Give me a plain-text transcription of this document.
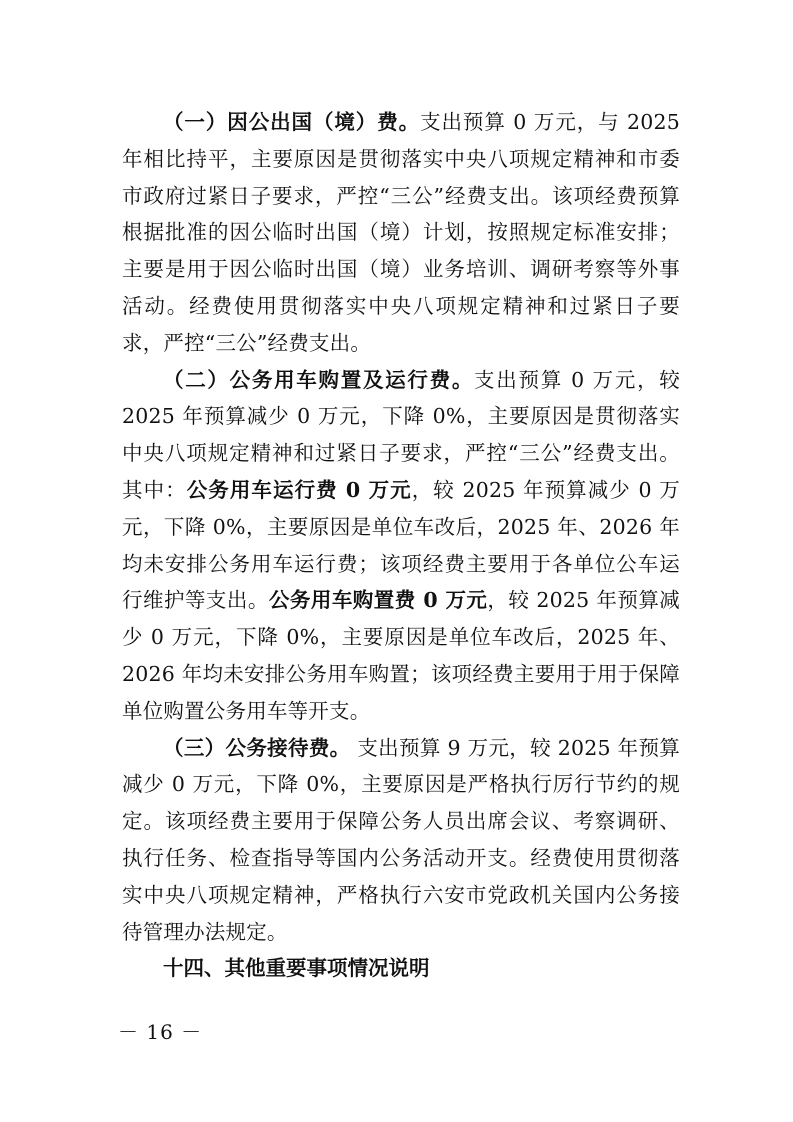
（一）因公出国（境）费。支出预算 0 万元，与 2025 年相比持平，主要原因是贯彻落实中央八项规定精神和市委市政府过紧日子要求，严控“三公”经费支出。该项经费预算根据批准的因公临时出国（境）计划，按照规定标准安排；主要是用于因公临时出国（境）业务培训、调研考察等外事活动。经费使用贯彻落实中央八项规定精神和过紧日子要求，严控“三公”经费支出。

（二）公务用车购置及运行费。支出预算 0 万元，较 2025 年预算减少 0 万元，下降 0%，主要原因是贯彻落实中央八项规定精神和过紧日子要求，严控“三公”经费支出。其中：公务用车运行费 0 万元，较 2025 年预算减少 0 万元，下降 0%，主要原因是单位车改后，2025 年、2026 年均未安排公务用车运行费；该项经费主要用于各单位公车运行维护等支出。公务用车购置费 0 万元，较 2025 年预算减少 0 万元，下降 0%，主要原因是单位车改后，2025 年、2026 年均未安排公务用车购置；该项经费主要用于用于保障单位购置公务用车等开支。

（三）公务接待费。 支出预算 9 万元，较 2025 年预算减少 0 万元，下降 0%，主要原因是严格执行厉行节约的规定。该项经费主要用于保障公务人员出席会议、考察调研、执行任务、检查指导等国内公务活动开支。经费使用贯彻落实中央八项规定精神，严格执行六安市党政机关国内公务接待管理办法规定。

十四、其他重要事项情况说明

－ 16 －
